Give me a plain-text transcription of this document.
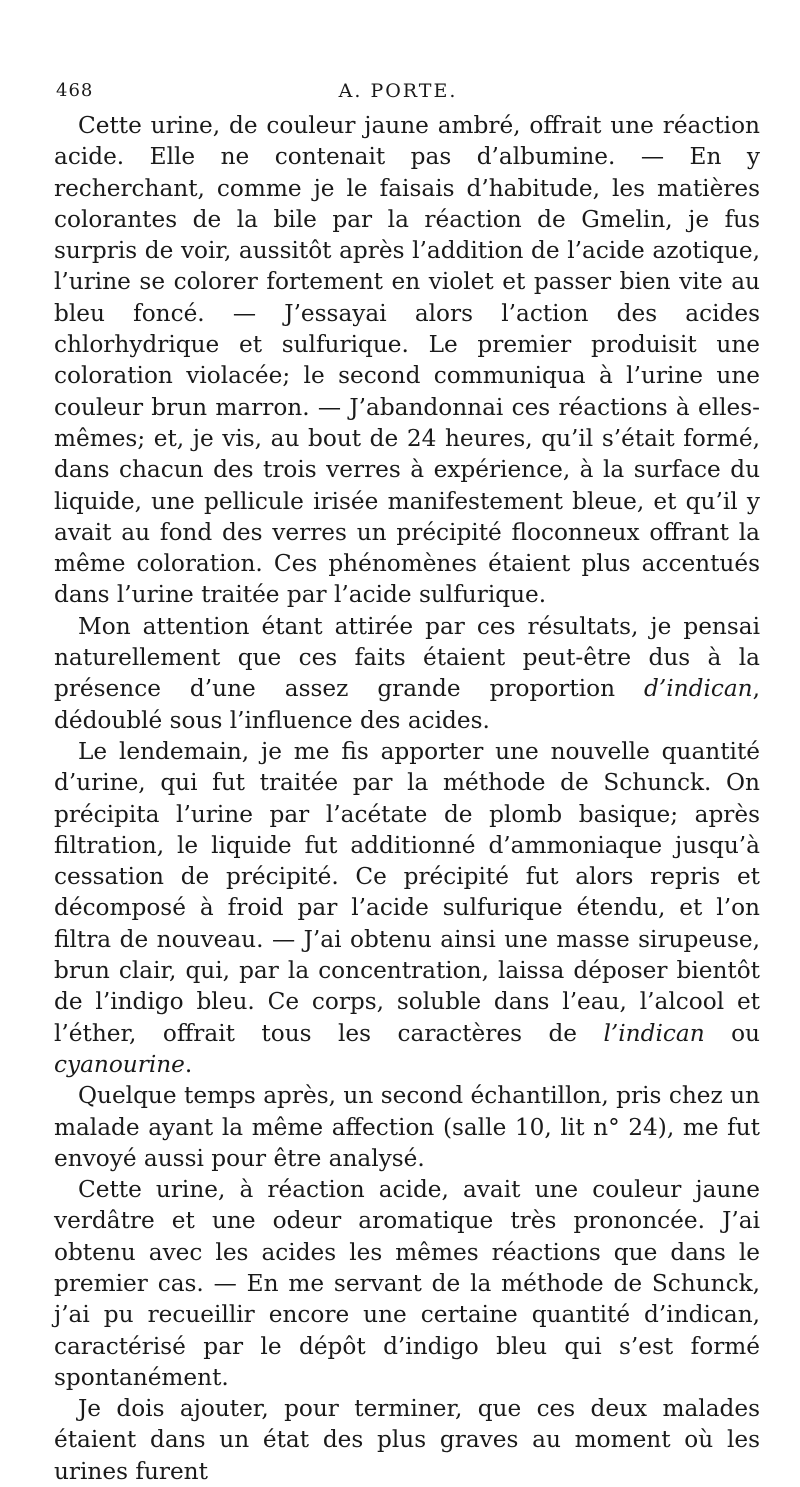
468	A. PORTE.

Cette urine, de couleur jaune ambré, offrait une réaction acide. Elle ne contenait pas d’albumine. — En y recherchant, comme je le faisais d’habitude, les matières colorantes de la bile par la réaction de Gmelin, je fus surpris de voir, aussitôt après l’addition de l’acide azotique, l’urine se colorer fortement en violet et passer bien vite au bleu foncé. — J’essayai alors l’action des acides chlorhydrique et sulfurique. Le premier produisit une coloration violacée; le second communiqua à l’urine une couleur brun marron. — J’abandonnai ces réactions à elles-mêmes; et, je vis, au bout de 24 heures, qu’il s’était formé, dans chacun des trois verres à expérience, à la surface du liquide, une pellicule irisée manifestement bleue, et qu’il y avait au fond des verres un précipité floconneux offrant la même coloration. Ces phénomènes étaient plus accentués dans l’urine traitée par l’acide sulfurique.

Mon attention étant attirée par ces résultats, je pensai naturellement que ces faits étaient peut-être dus à la présence d’une assez grande proportion d’indican, dédoublé sous l’influence des acides.

Le lendemain, je me fis apporter une nouvelle quantité d’urine, qui fut traitée par la méthode de Schunck. On précipita l’urine par l’acétate de plomb basique; après filtration, le liquide fut additionné d’ammoniaque jusqu’à cessation de précipité. Ce précipité fut alors repris et décomposé à froid par l’acide sulfurique étendu, et l’on filtra de nouveau. — J’ai obtenu ainsi une masse sirupeuse, brun clair, qui, par la concentration, laissa déposer bientôt de l’indigo bleu. Ce corps, soluble dans l’eau, l’alcool et l’éther, offrait tous les caractères de l’indican ou cyanourine.

Quelque temps après, un second échantillon, pris chez un malade ayant la même affection (salle 10, lit n° 24), me fut envoyé aussi pour être analysé.

Cette urine, à réaction acide, avait une couleur jaune verdâtre et une odeur aromatique très prononcée. J’ai obtenu avec les acides les mêmes réactions que dans le premier cas. — En me servant de la méthode de Schunck, j’ai pu recueillir encore une certaine quantité d’indican, caractérisé par le dépôt d’indigo bleu qui s’est formé spontanément.

Je dois ajouter, pour terminer, que ces deux malades étaient dans un état des plus graves au moment où les urines furent
